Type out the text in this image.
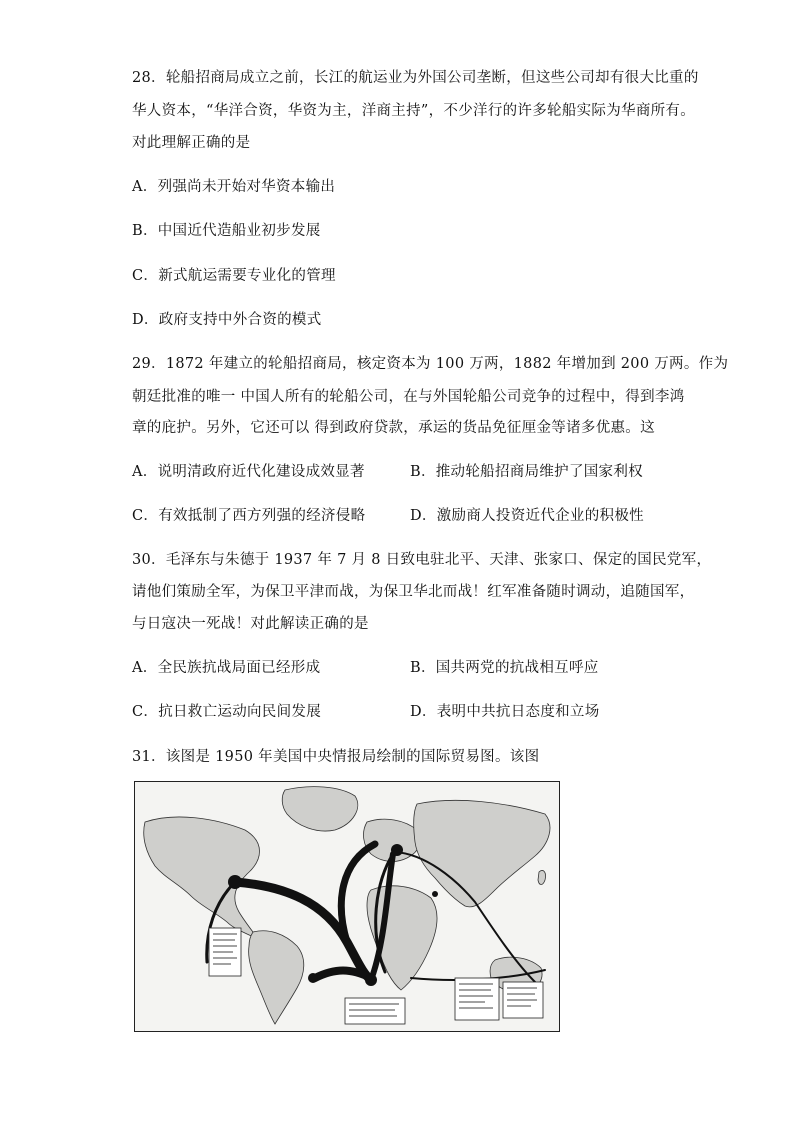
28．轮船招商局成立之前，长江的航运业为外国公司垄断，但这些公司却有很大比重的
华人资本，“华洋合资，华资为主，洋商主持”，不少洋行的许多轮船实际为华商所有。
对此理解正确的是
A．列强尚未开始对华资本输出
B．中国近代造船业初步发展
C．新式航运需要专业化的管理
D．政府支持中外合资的模式
29．1872 年建立的轮船招商局，核定资本为 100 万两，1882 年增加到 200 万两。作为
朝廷批准的唯一 中国人所有的轮船公司，在与外国轮船公司竞争的过程中，得到李鸿
章的庇护。另外，它还可以 得到政府贷款，承运的货品免征厘金等诸多优惠。这
A．说明清政府近代化建设成效显著	B．推动轮船招商局维护了国家利权
C．有效抵制了西方列强的经济侵略	D．激励商人投资近代企业的积极性
30．毛泽东与朱德于 1937 年 7 月 8 日致电驻北平、天津、张家口、保定的国民党军，
请他们策励全军，为保卫平津而战，为保卫华北而战！红军准备随时调动，追随国军，
与日寇决一死战！对此解读正确的是
A．全民族抗战局面已经形成	B．国共两党的抗战相互呼应
C．抗日救亡运动向民间发展	D．表明中共抗日态度和立场
31．该图是 1950 年美国中央情报局绘制的国际贸易图。该图
